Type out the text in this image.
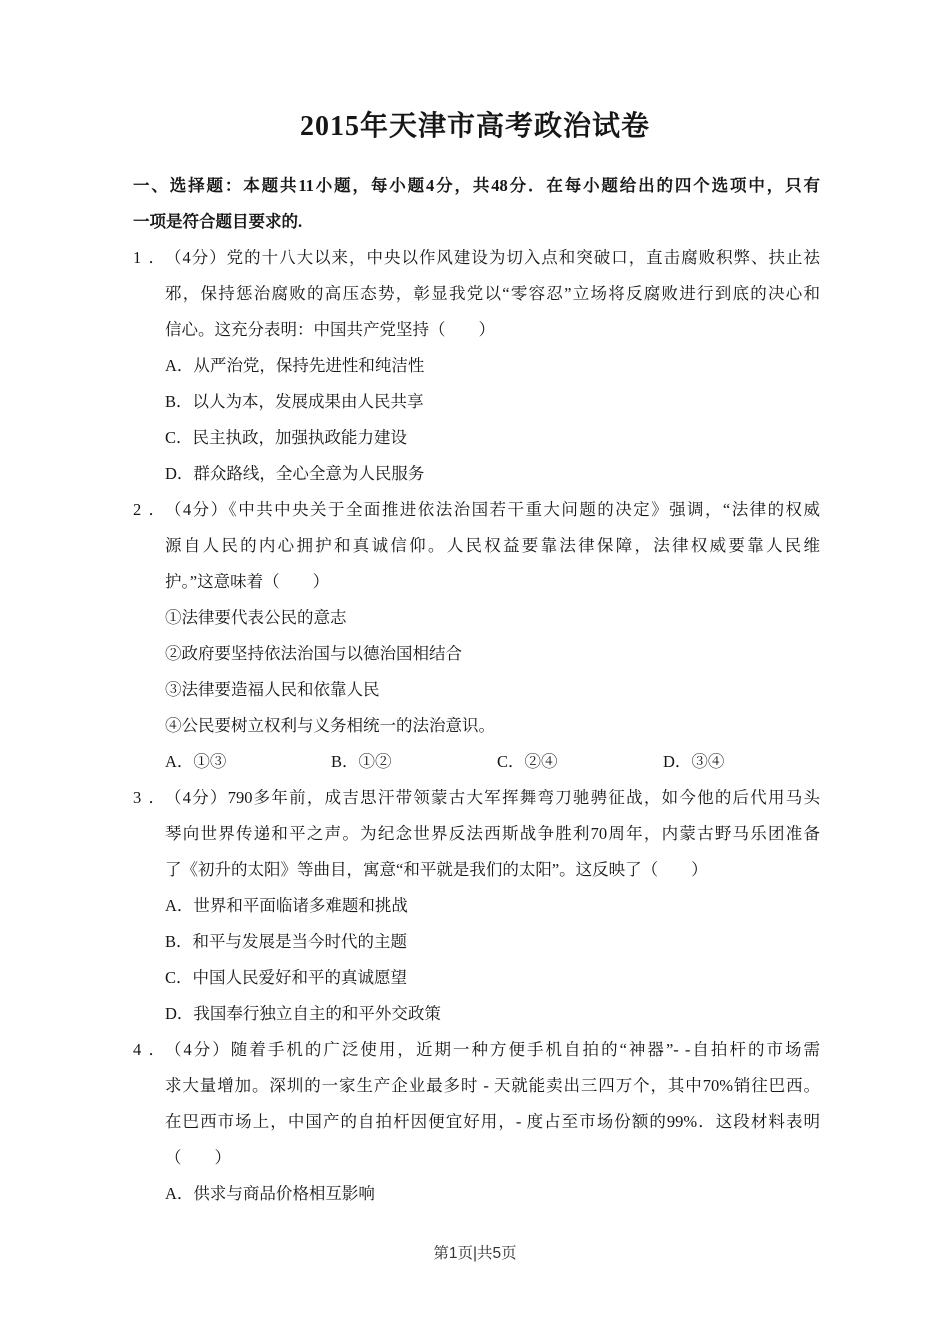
2015年天津市高考政治试卷
一、选择题：本题共11小题，每小题4分，共48分．在每小题给出的四个选项中，只有
一项是符合题目要求的.
1． （4分）党的十八大以来，中央以作风建设为切入点和突破口，直击腐败积弊、扶止祛
邪，保持惩治腐败的高压态势，彰显我党以“零容忍”立场将反腐败进行到底的决心和
信心。这充分表明：中国共产党坚持（　　）
A．从严治党，保持先进性和纯洁性
B．以人为本，发展成果由人民共享
C．民主执政，加强执政能力建设
D．群众路线，全心全意为人民服务
2． （4分）《中共中央关于全面推进依法治国若干重大问题的决定》强调，“法律的权威
源自人民的内心拥护和真诚信仰。人民权益要靠法律保障，法律权威要靠人民维
护。”这意味着（　　）
①法律要代表公民的意志
②政府要坚持依法治国与以德治国相结合
③法律要造福人民和依靠人民
④公民要树立权利与义务相统一的法治意识。
A．①③	B．①②	C．②④	D．③④
3． （4分）790多年前，成吉思汗带领蒙古大军挥舞弯刀驰骋征战，如今他的后代用马头
琴向世界传递和平之声。为纪念世界反法西斯战争胜利70周年，内蒙古野马乐团准备
了《初升的太阳》等曲目，寓意“和平就是我们的太阳”。这反映了（　　）
A．世界和平面临诸多难题和挑战
B．和平与发展是当今时代的主题
C．中国人民爱好和平的真诚愿望
D．我国奉行独立自主的和平外交政策
4． （4分）随着手机的广泛使用，近期一种方便手机自拍的“神器”- -自拍杆的市场需
求大量增加。深圳的一家生产企业最多时 - 天就能卖出三四万个，其中70%销往巴西。
在巴西市场上，中国产的自拍杆因便宜好用，- 度占至市场份额的99%．这段材料表明
（　　）
A．供求与商品价格相互影响
第1页|共5页
